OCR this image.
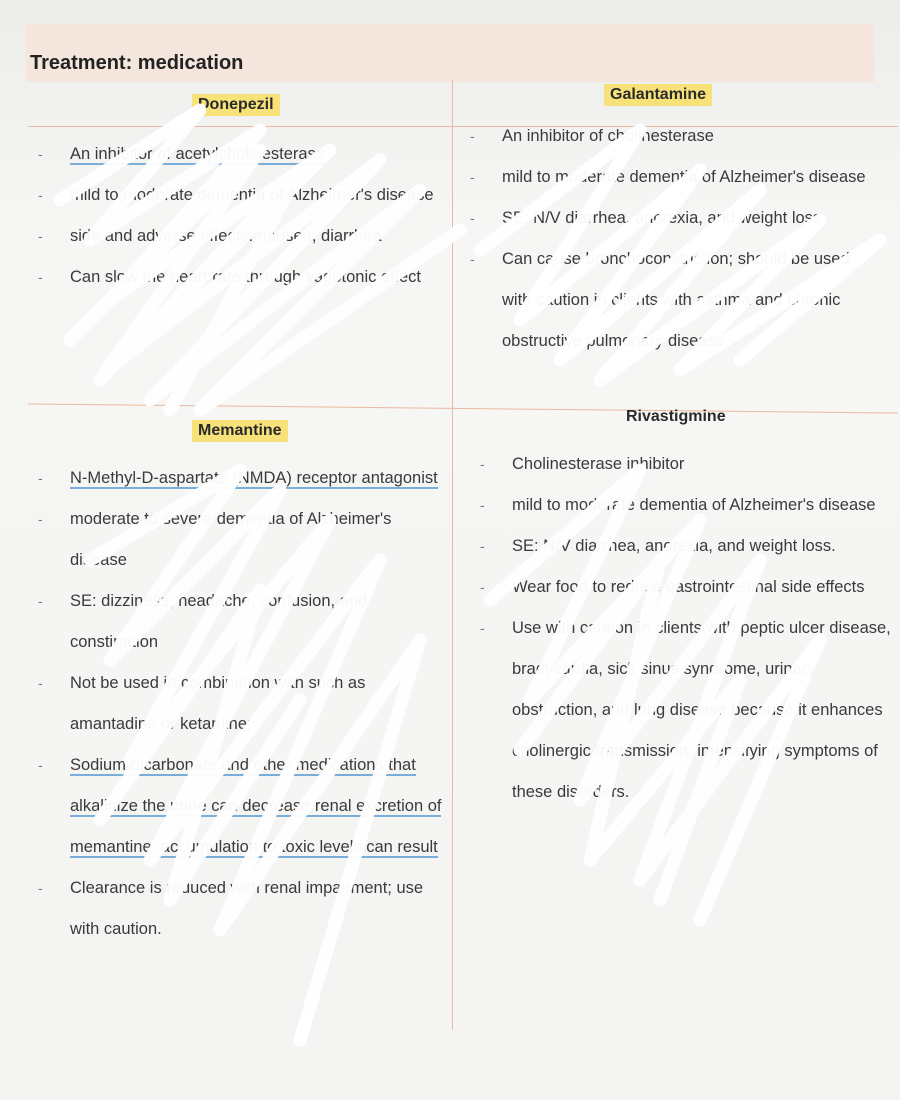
Treatment: medication
Donepezil
Galantamine
Memantine
Rivastigmine
- An inhibitor of acetylcholinesterase
- mild to moderate dementia of Alzheimer's disease
- side and adverse effects: nausea, diarrhea
- Can slow the heart rate through vagotonic effect
- An inhibitor of cholinesterase
- mild to moderate dementia of Alzheimer's disease
- SE: N/V diarrhea, anorexia, and weight loss
- Can cause bronchoconstriction; should be used with caution in clients with asthma and chronic obstructive pulmonary disease.
- N-Methyl-D-aspartate (NMDA) receptor antagonist
- moderate to severe dementia of Alzheimer's disease
- SE: dizziness, headache, confusion, and constipation
- Not be used in combination with such as amantadine or ketamine;
- Sodium bicarbonate and other medications that alkalinize the urine can decrease renal excretion of memantine; accumulation to toxic levels can result
- Clearance is reduced with renal impairment; use with caution.
- Cholinesterase inhibitor
- mild to moderate dementia of Alzheimer's disease
- SE: N/V diarrhea, anorexia, and weight loss.
- Wear food to reduce gastrointestinal side effects
- Use with caution in clients with peptic ulcer disease, bradycardia, sick sinus syndrome, urinary obstruction, and lung disease because it enhances cholinergic transmission, intensifying symptoms of these disorders.
